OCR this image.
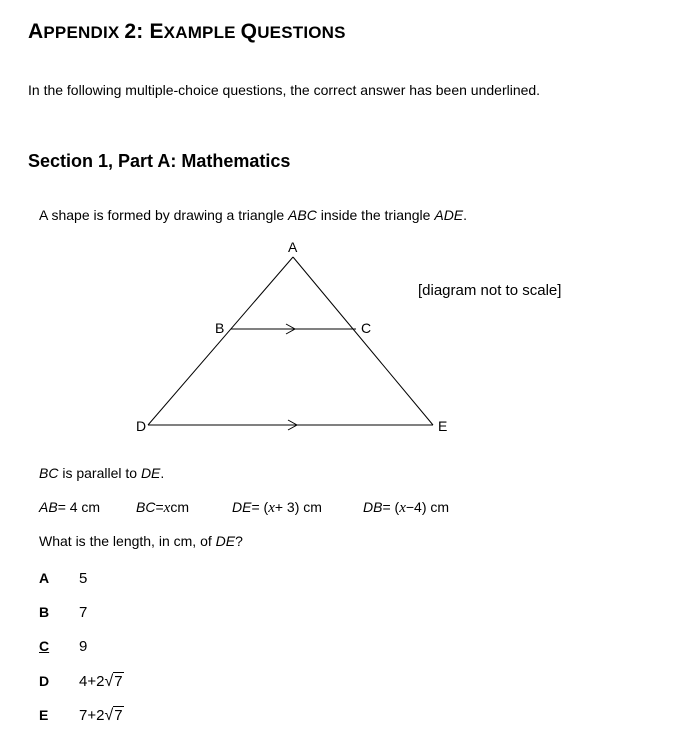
APPENDIX 2: EXAMPLE QUESTIONS
In the following multiple-choice questions, the correct answer has been underlined.
Section 1, Part A: Mathematics
A shape is formed by drawing a triangle ABC inside the triangle ADE.
A
B	C
D	E
[diagram not to scale]
BC is parallel to DE.
AB= 4 cm	BC=xcm	DE= (x+ 3) cm	DB= (x−4) cm
What is the length, in cm, of DE?
A 5
B 7
C 9
D 4+2√7
E 7+2√7
